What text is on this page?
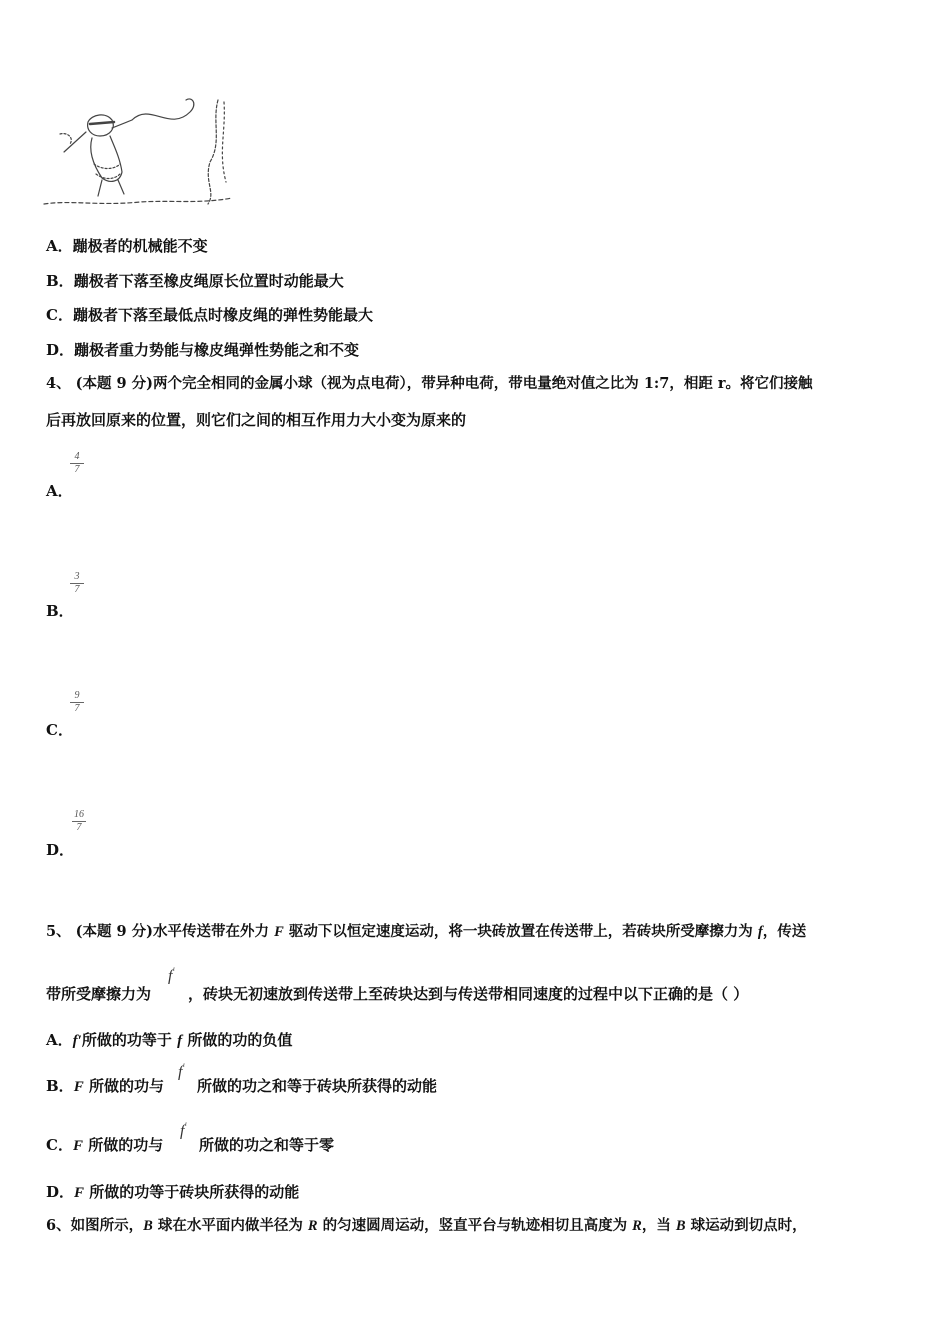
A．蹦极者的机械能不变
B．蹦极者下落至橡皮绳原长位置时动能最大
C．蹦极者下落至最低点时橡皮绳的弹性势能最大
D．蹦极者重力势能与橡皮绳弹性势能之和不变
4、 (本题 9 分)两个完全相同的金属小球（视为点电荷），带异种电荷，带电量绝对值之比为 1:7，相距 r。将它们接触
后再放回原来的位置，则它们之间的相互作用力大小变为原来的
$\frac{4}{7}$
A．
$\frac{3}{7}$
B．
$\frac{9}{7}$
C．
$\frac{16}{7}$
D．
5、 (本题 9 分)水平传送带在外力 F 驱动下以恒定速度运动，将一块砖放置在传送带上，若砖块所受摩擦力为 f，传送
带所受摩擦力为
f′
，砖块无初速放到传送带上至砖块达到与传送带相同速度的过程中以下正确的是（ ）
A．f′所做的功等于 f 所做的功的负值
B．F 所做的功与
f′
所做的功之和等于砖块所获得的动能
C．F 所做的功与
f′
所做的功之和等于零
D．F 所做的功等于砖块所获得的动能
6、如图所示，B 球在水平面内做半径为 R 的匀速圆周运动，竖直平台与轨迹相切且高度为 R，当 B 球运动到切点时，
